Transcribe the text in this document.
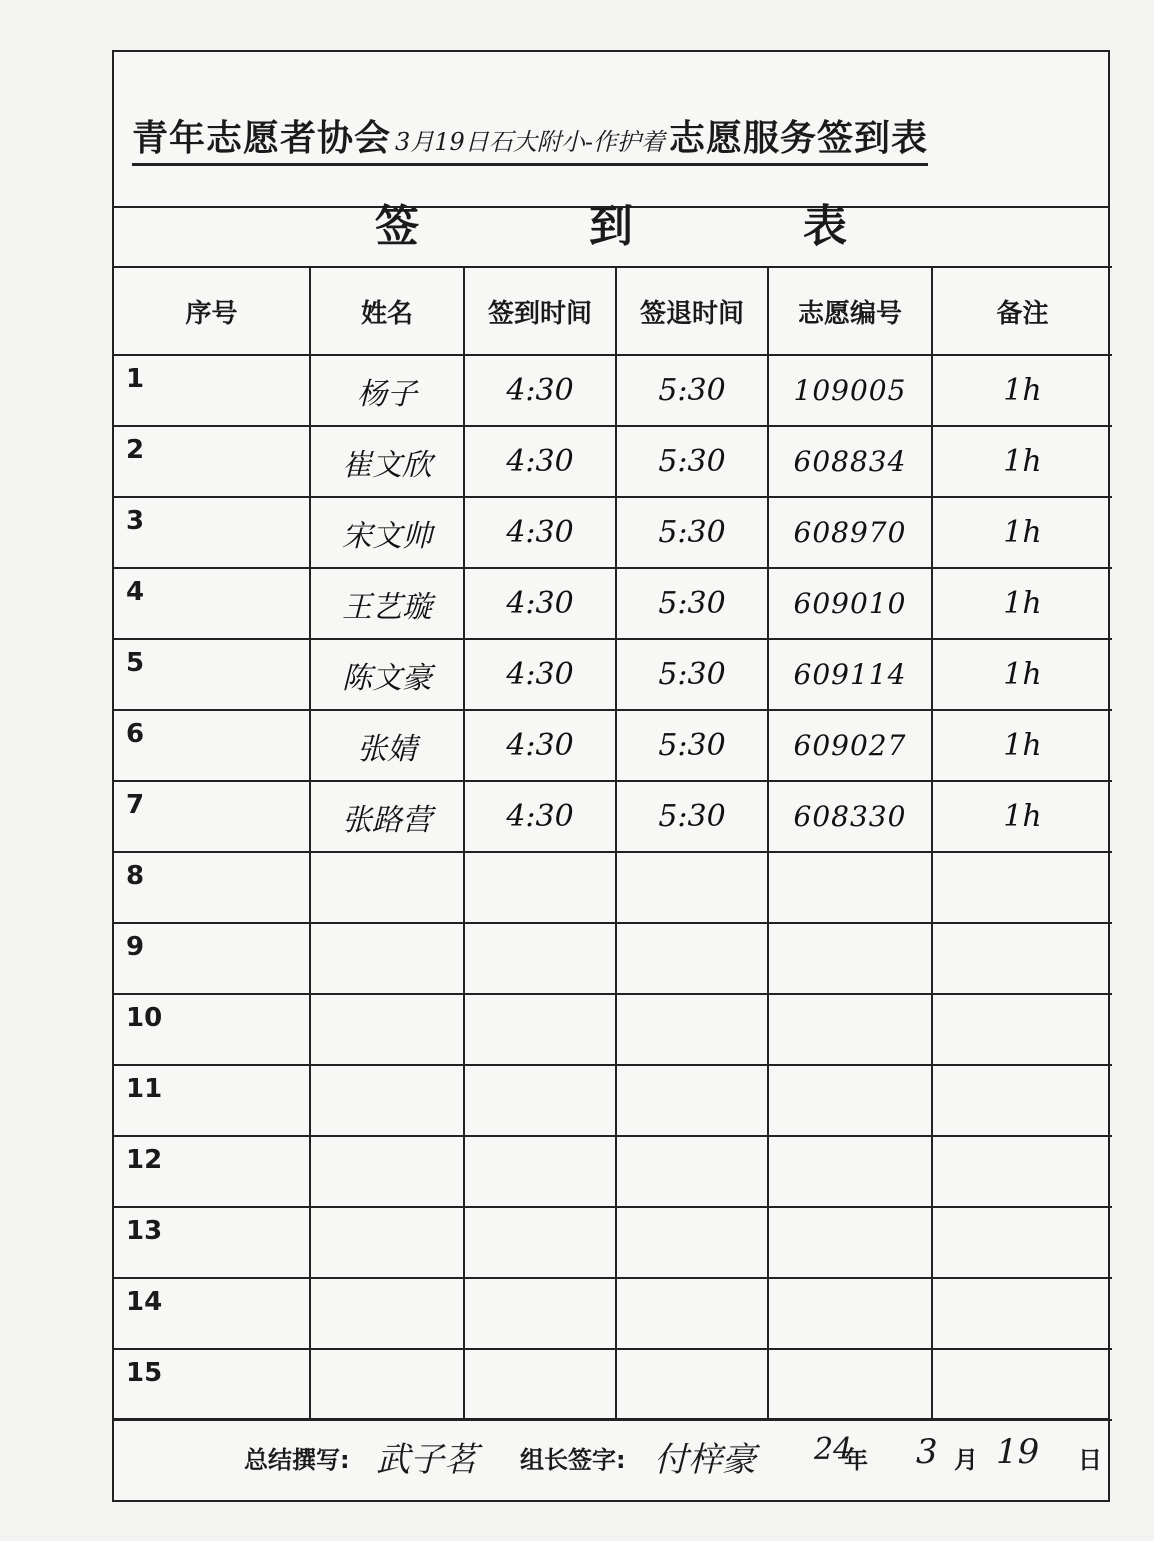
青年志愿者协会 3月19日石大附小-作护着 志愿服务签到表
签到表
序号	姓名	签到时间	签退时间	志愿编号	备注
1	杨子	4:30	5:30	109005	1h
2	崔文欣	4:30	5:30	608834	1h
3	宋文帅	4:30	5:30	608970	1h
4	王艺璇	4:30	5:30	609010	1h
5	陈文豪	4:30	5:30	609114	1h
6	张婧	4:30	5:30	609027	1h
7	张路营	4:30	5:30	608330	1h
8					
9					
10					
11					
12					
13					
14					
15					
总结撰写: 武子茗 组长签字: 付梓豪 24
年 3 月 19 日
